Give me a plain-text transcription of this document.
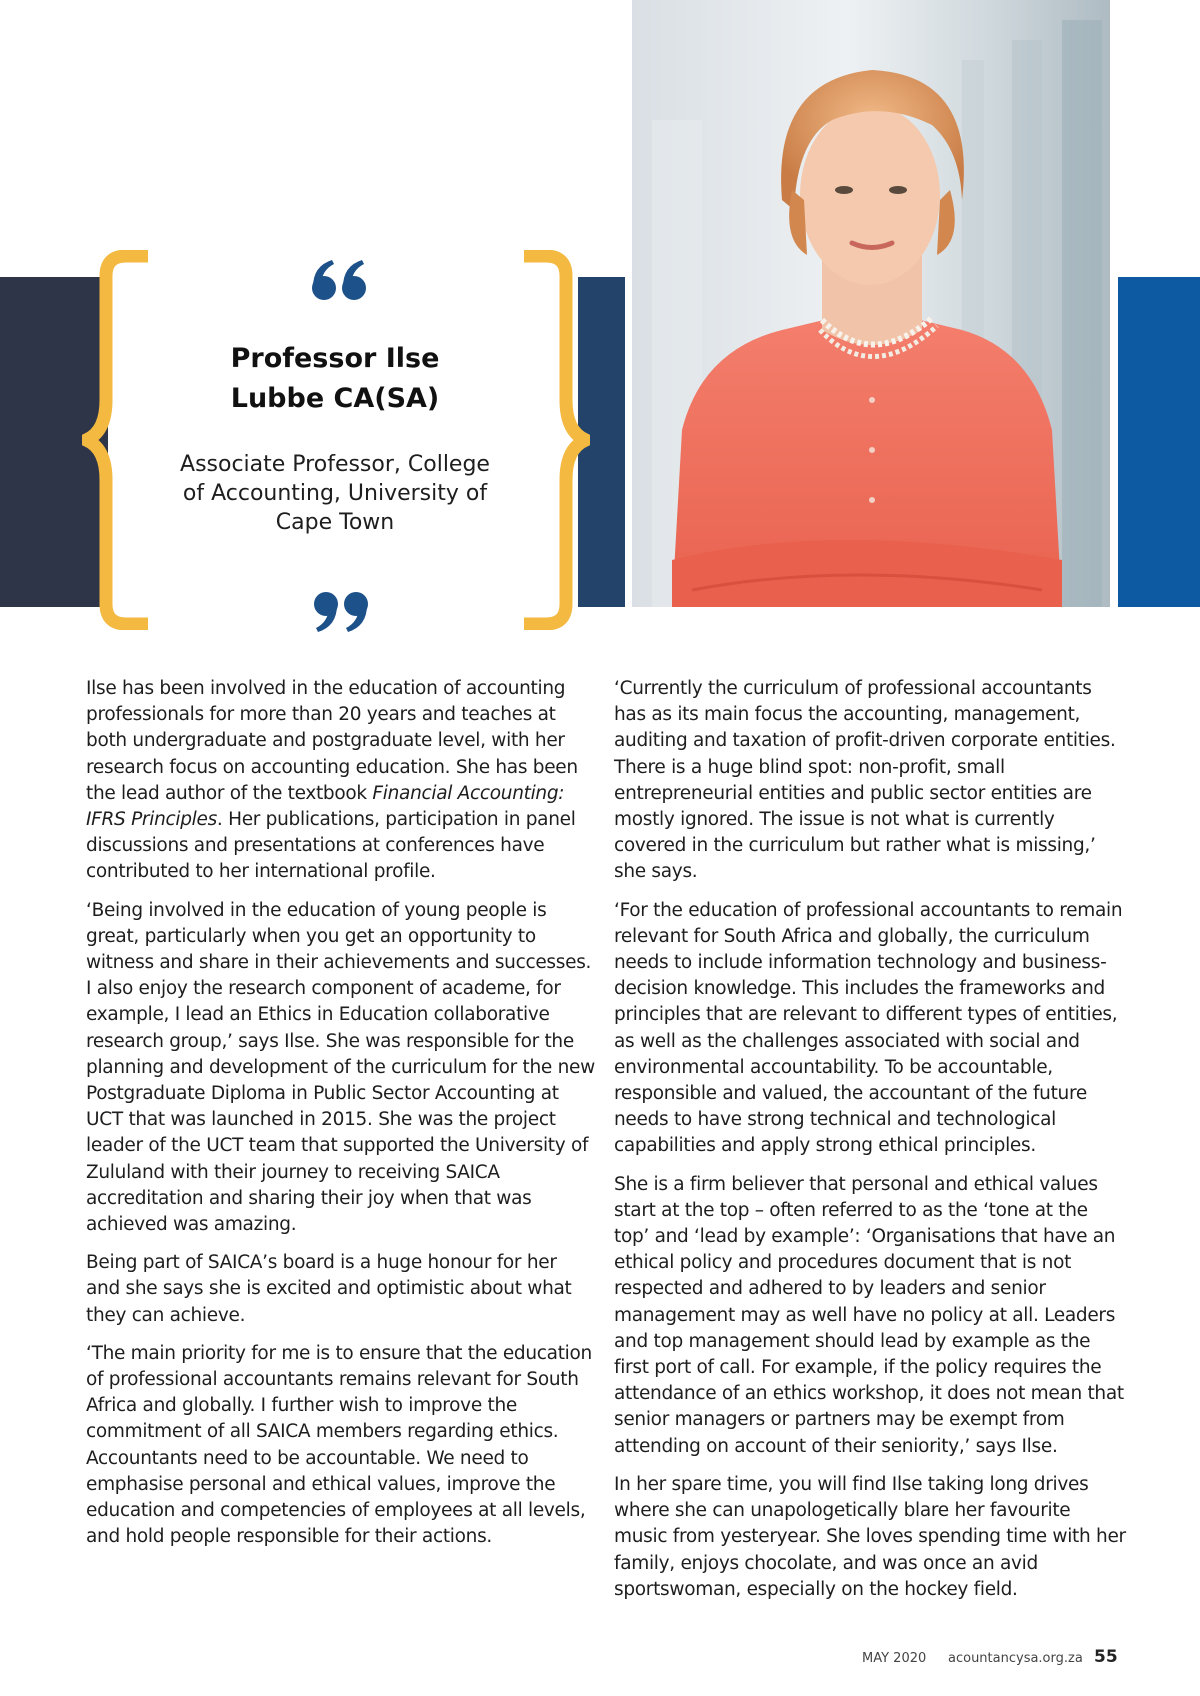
Professor Ilse
Lubbe CA(SA)
Associate Professor, College
of Accounting, University of
Cape Town

Ilse has been involved in the education of accounting professionals for more than 20 years and teaches at both undergraduate and postgraduate level, with her research focus on accounting education. She has been the lead author of the textbook Financial Accounting: IFRS Principles. Her publications, participation in panel discussions and presentations at conferences have contributed to her international profile.

‘Being involved in the education of young people is great, particularly when you get an opportunity to witness and share in their achievements and successes. I also enjoy the research component of academe, for example, I lead an Ethics in Education collaborative research group,’ says Ilse. She was responsible for the planning and development of the curriculum for the new Postgraduate Diploma in Public Sector Accounting at UCT that was launched in 2015. She was the project leader of the UCT team that supported the University of Zululand with their journey to receiving SAICA accreditation and sharing their joy when that was achieved was amazing.

Being part of SAICA’s board is a huge honour for her and she says she is excited and optimistic about what they can achieve.

‘The main priority for me is to ensure that the education of professional accountants remains relevant for South Africa and globally. I further wish to improve the commitment of all SAICA members regarding ethics. Accountants need to be accountable. We need to emphasise personal and ethical values, improve the education and competencies of employees at all levels, and hold people responsible for their actions.

‘Currently the curriculum of professional accountants has as its main focus the accounting, management, auditing and taxation of profit-driven corporate entities. There is a huge blind spot: non-profit, small entrepreneurial entities and public sector entities are mostly ignored. The issue is not what is currently covered in the curriculum but rather what is missing,’ she says.

‘For the education of professional accountants to remain relevant for South Africa and globally, the curriculum needs to include information technology and business-decision knowledge. This includes the frameworks and principles that are relevant to different types of entities, as well as the challenges associated with social and environmental accountability. To be accountable, responsible and valued, the accountant of the future needs to have strong technical and technological capabilities and apply strong ethical principles.

She is a firm believer that personal and ethical values start at the top – often referred to as the ‘tone at the top’ and ‘lead by example’: ‘Organisations that have an ethical policy and procedures document that is not respected and adhered to by leaders and senior management may as well have no policy at all. Leaders and top management should lead by example as the first port of call. For example, if the policy requires the attendance of an ethics workshop, it does not mean that senior managers or partners may be exempt from attending on account of their seniority,’ says Ilse.

In her spare time, you will find Ilse taking long drives where she can unapologetically blare her favourite music from yesteryear. She loves spending time with her family, enjoys chocolate, and was once an avid sportswoman, especially on the hockey field.

MAY 2020 acountancysa.org.za 55
